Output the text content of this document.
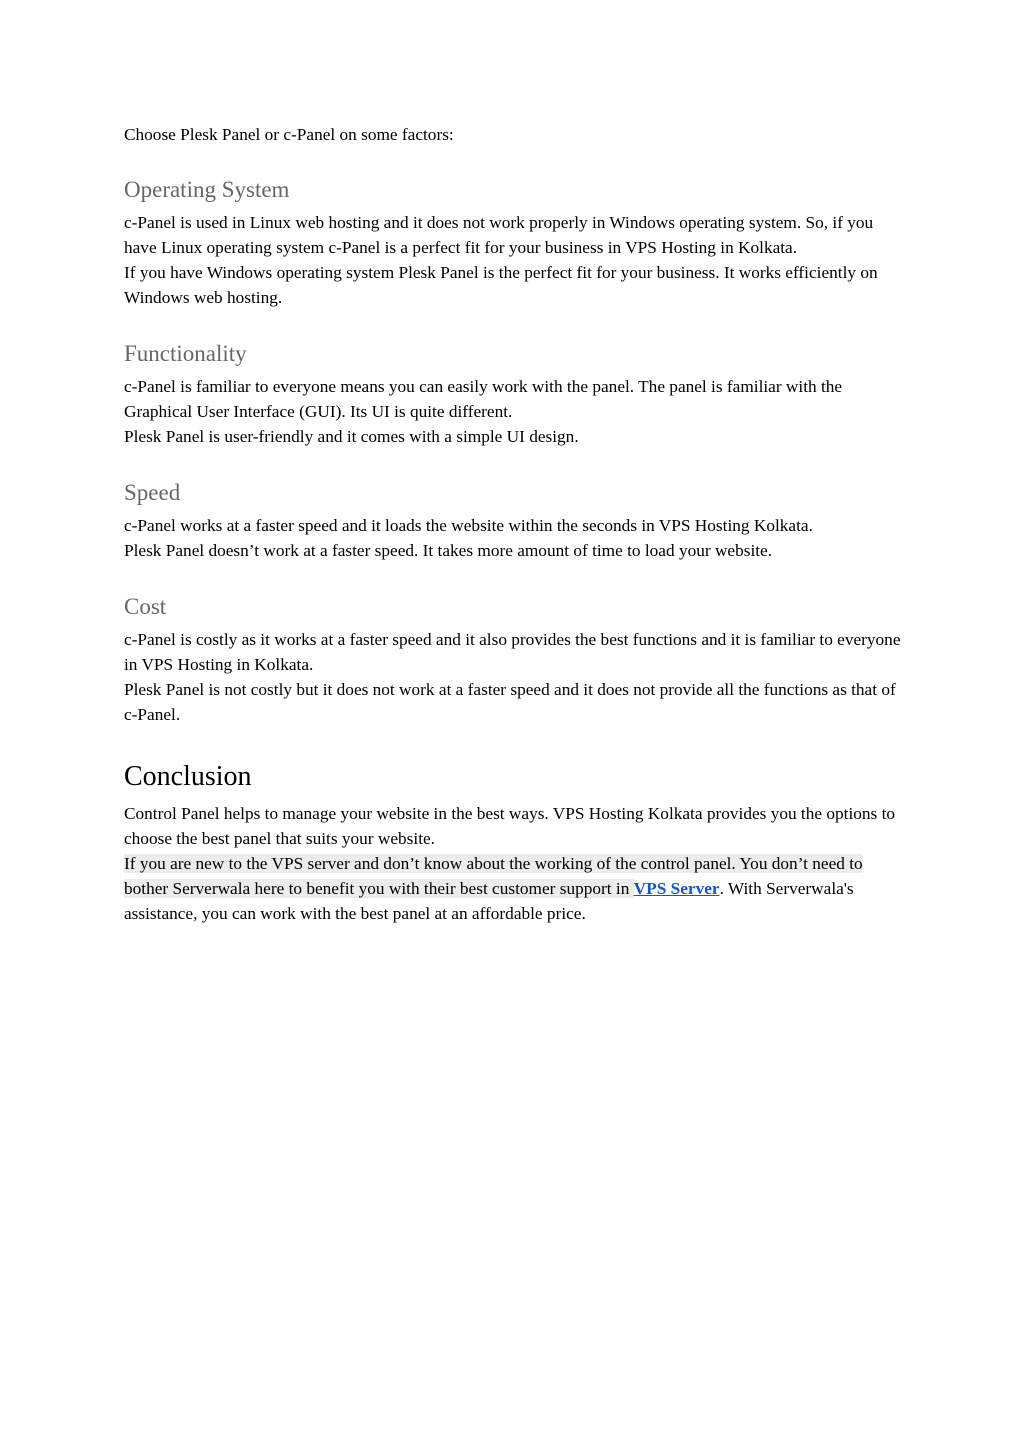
Choose Plesk Panel or c-Panel on some factors:

Operating System
c-Panel is used in Linux web hosting and it does not work properly in Windows operating system. So, if you have Linux operating system c-Panel is a perfect fit for your business in VPS Hosting in Kolkata.
If you have Windows operating system Plesk Panel is the perfect fit for your business. It works efficiently on Windows web hosting.
Functionality
c-Panel is familiar to everyone means you can easily work with the panel. The panel is familiar with the Graphical User Interface (GUI). Its UI is quite different.
Plesk Panel is user-friendly and it comes with a simple UI design.
Speed
c-Panel works at a faster speed and it loads the website within the seconds in VPS Hosting Kolkata.
Plesk Panel doesn’t work at a faster speed. It takes more amount of time to load your website.
Cost
c-Panel is costly as it works at a faster speed and it also provides the best functions and it is familiar to everyone in VPS Hosting in Kolkata.
Plesk Panel is not costly but it does not work at a faster speed and it does not provide all the functions as that of c-Panel.
Conclusion
Control Panel helps to manage your website in the best ways. VPS Hosting Kolkata provides you the options to choose the best panel that suits your website.
If you are new to the VPS server and don’t know about the working of the control panel. You don’t need to bother Serverwala here to benefit you with their best customer support in VPS Server. With Serverwala's assistance, you can work with the best panel at an affordable price.
